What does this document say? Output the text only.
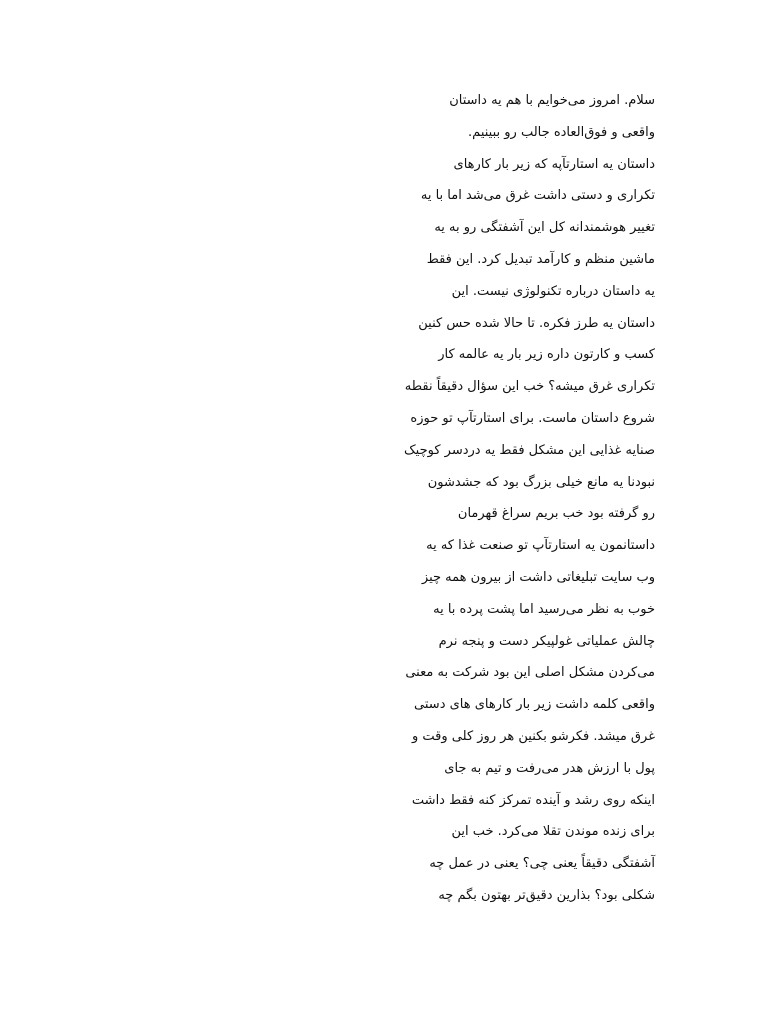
سلام. امروز می‌خوایم با هم یه داستان
واقعی و فوق‌العاده جالب رو ببینیم.
داستان یه استارتآپه که زیر بار کارهای
تکراری و دستی داشت غرق می‌شد اما با یه
تغییر هوشمندانه کل این آشفتگی رو به یه
ماشین منظم و کارآمد تبدیل کرد. این فقط
یه داستان درباره تکنولوژی نیست. این
داستان یه طرز فکره. تا حالا شده حس کنین
کسب و کارتون داره زیر بار یه عالمه کار
تکراری غرق میشه؟ خب این سؤال دقیقاً نقطه
شروع داستان ماست. برای استارتآپ تو حوزه
صنایه غذایی این مشکل فقط یه دردسر کوچیک
نبودنا یه مانع خیلی بزرگ بود که جشدشون
رو گرفته بود خب بریم سراغ قهرمان
داستانمون یه استارتآپ تو صنعت غذا که یه
وب سایت تبلیغاتی داشت از بیرون همه چیز
خوب به نظر می‌رسید اما پشت پرده با یه
چالش عملیاتی غولپیکر دست و پنجه نرم
می‌کردن مشکل اصلی این بود شرکت به معنی
واقعی کلمه داشت زیر بار کارهای های دستی
غرق میشد. فکرشو بکنین هر روز کلی وقت و
پول با ارزش هدر می‌رفت و تیم به جای
اینکه روی رشد و آینده تمرکز کنه فقط داشت
برای زنده موندن تقلا می‌کرد. خب این
آشفتگی دقیقاً یعنی چی؟ یعنی در عمل چه
شکلی بود؟ بذارین دقیق‌تر بهتون بگم چه
